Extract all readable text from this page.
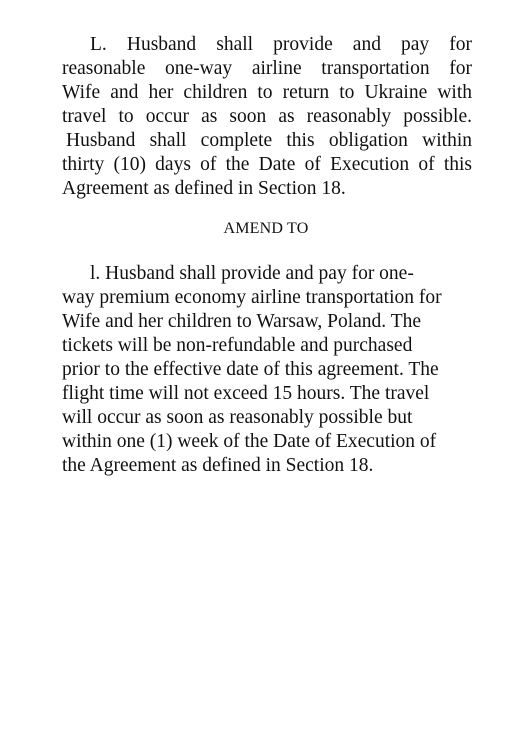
L. Husband shall provide and pay for
reasonable one-way airline transportation for
Wife and her children to return to Ukraine with
travel to occur as soon as reasonably possible.
Husband shall complete this obligation within
thirty (10) days of the Date of Execution of this
Agreement as defined in Section 18.
AMEND TO
l. Husband shall provide and pay for one-
way premium economy airline transportation for
Wife and her children to Warsaw, Poland. The
tickets will be non-refundable and purchased
prior to the effective date of this agreement. The
flight time will not exceed 15 hours. The travel
will occur as soon as reasonably possible but
within one (1) week of the Date of Execution of
the Agreement as defined in Section 18.
